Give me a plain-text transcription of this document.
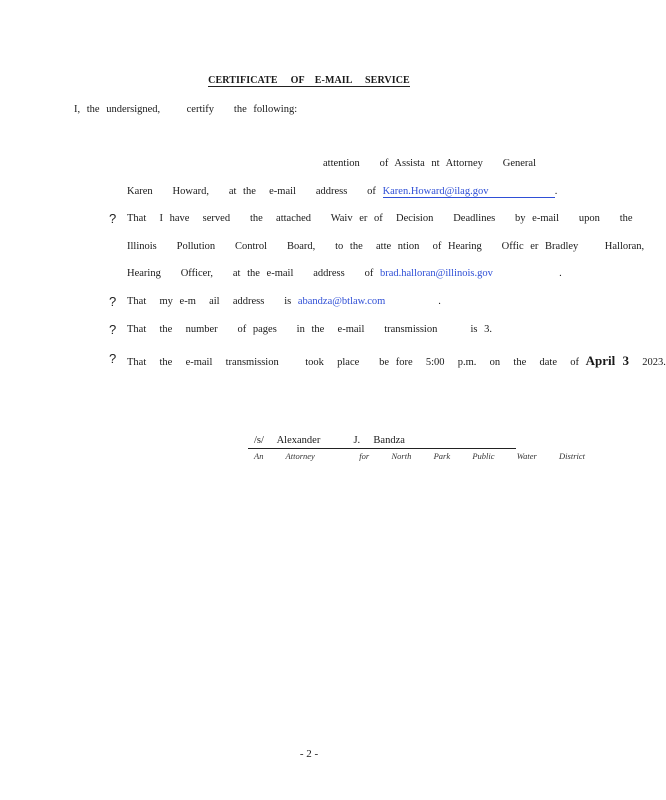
CERTIFICATE     OF    E-MAIL     SERVICE
I, the undersigned,    certify   the following:
attention   of Assista nt Attorney   General
Karen   Howard,   at the  e-mail   address   of Karen.Howard@ilag.gov	.
? That  I have  served   the  attached   Waiv er of  Decision   Deadlines   by e-mail   upon   the
Illinois   Pollution   Control   Board,   to the  atte ntion  of Hearing   Offic er Bradley    Halloran,
Hearing   Officer,   at the e-mail   address   of brad.halloran@illinois.gov	.
? That  my e-m  ail  address   is abandza@btlaw.com	.
? That  the  number   of pages   in the  e-mail   transmission     is 3.
? That  the  e-mail  transmission    took  place   be fore  5:00  p.m.  on  the  date  of April 3  2023.
/s/  Alexander     J.  Bandza
An  Attorney    for  North  Park  Public  Water  District
- 2 -
